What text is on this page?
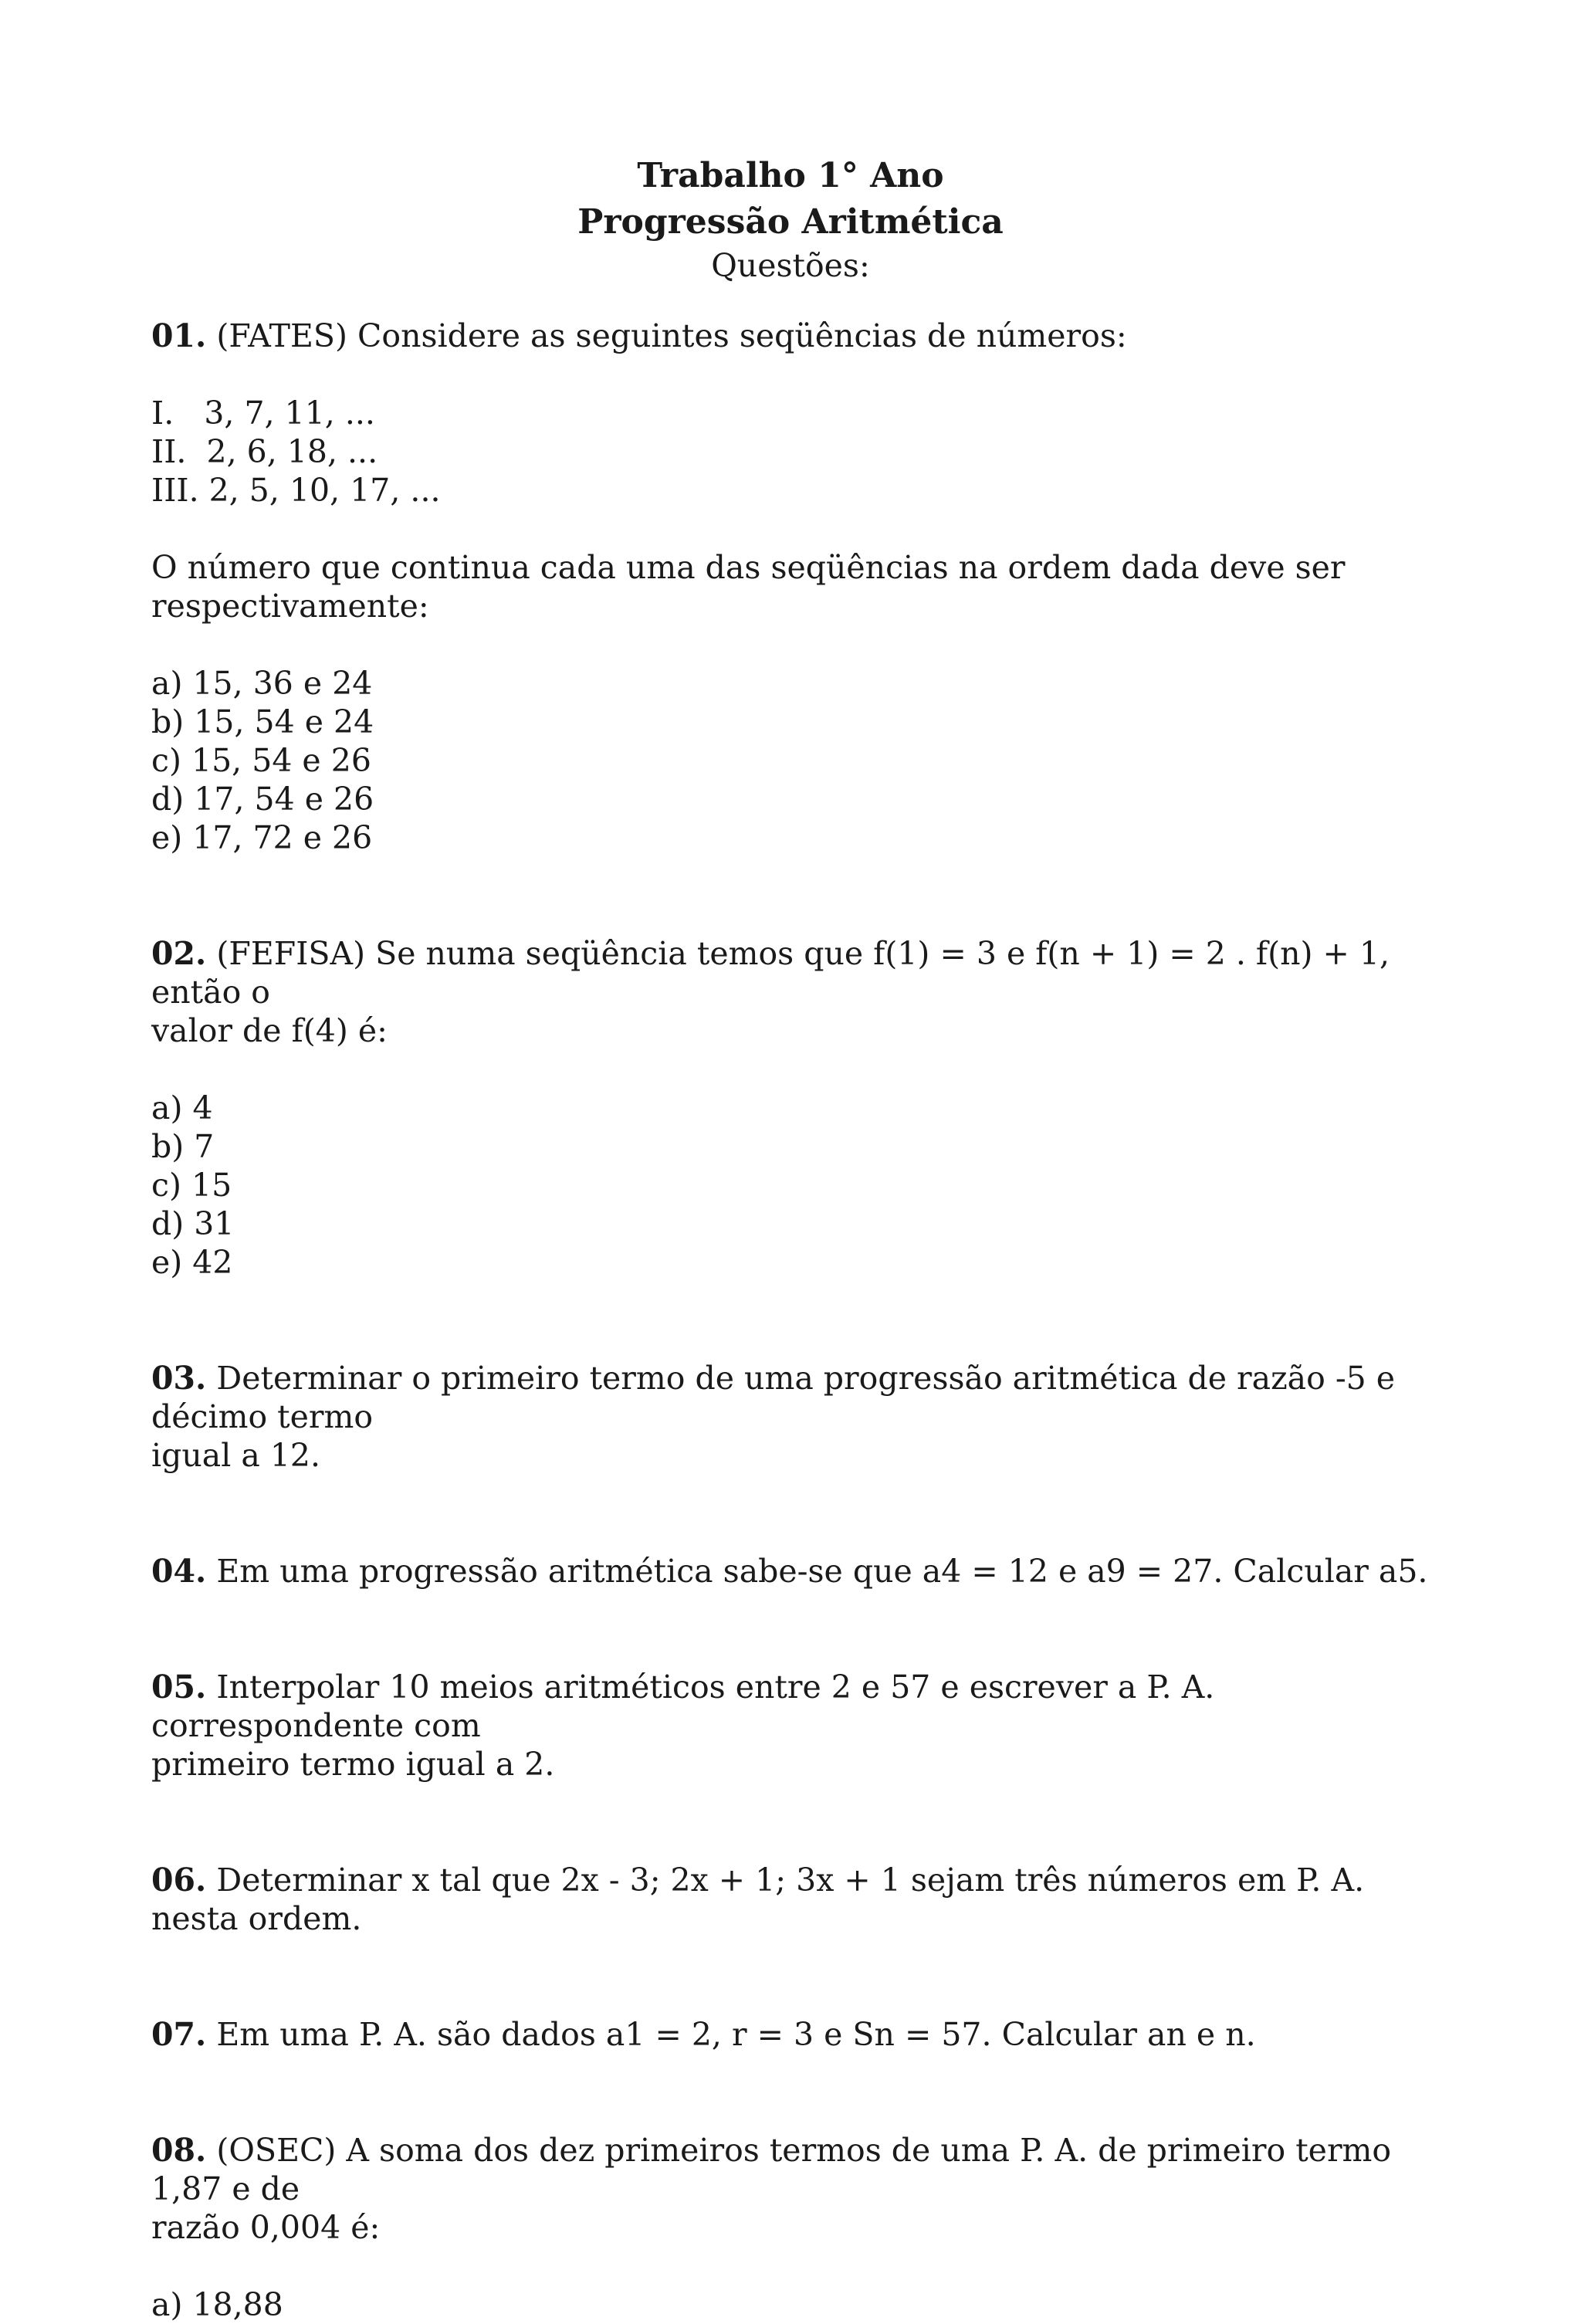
Trabalho 1° Ano
Progressão Aritmética
Questões:

01. (FATES) Considere as seguintes seqüências de números:

I.   3, 7, 11, ...
II.  2, 6, 18, ...
III. 2, 5, 10, 17, ...

O número que continua cada uma das seqüências na ordem dada deve ser respectivamente:

a) 15, 36 e 24
b) 15, 54 e 24
c) 15, 54 e 26
d) 17, 54 e 26
e) 17, 72 e 26

02. (FEFISA) Se numa seqüência temos que f(1) = 3 e f(n + 1) = 2 . f(n) + 1, então o

valor de f(4) é:

a) 4
b) 7
c) 15
d) 31
e) 42

03. Determinar o primeiro termo de uma progressão aritmética de razão -5 e décimo termo

igual a 12.

04. Em uma progressão aritmética sabe-se que a4 = 12 e a9 = 27. Calcular a5.

05. Interpolar 10 meios aritméticos entre 2 e 57 e escrever a P. A. correspondente com

primeiro termo igual a 2.

06. Determinar x tal que 2x - 3; 2x + 1; 3x + 1 sejam três números em P. A. nesta ordem.

07. Em uma P. A. são dados a1 = 2, r = 3 e Sn = 57. Calcular an e n.

08. (OSEC) A soma dos dez primeiros termos de uma P. A. de primeiro termo 1,87 e de

razão 0,004 é:

a) 18,88
